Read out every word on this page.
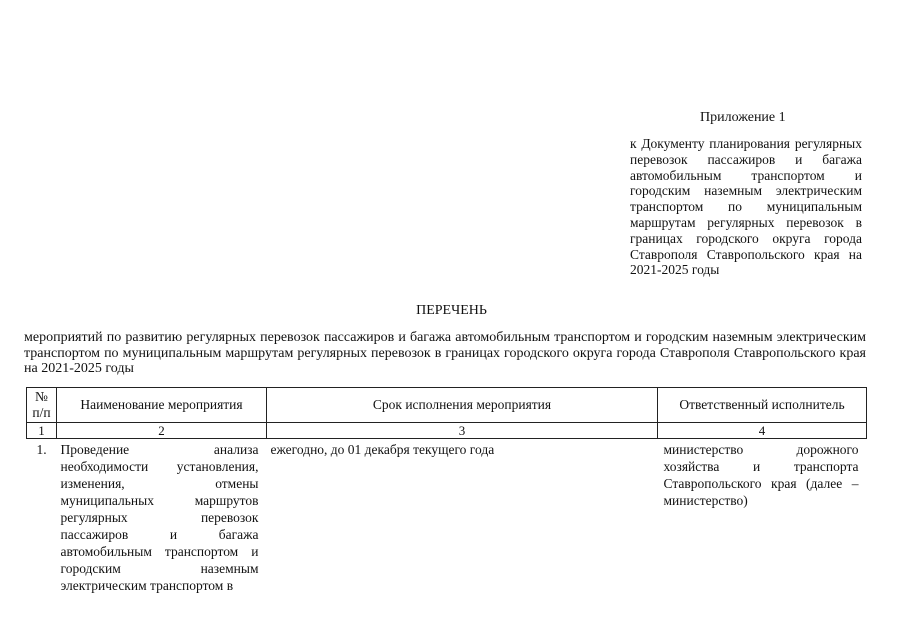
Приложение 1
к Документу планирования регулярных перевозок пассажиров и багажа автомобильным транспортом и городским наземным электрическим транспортом по муниципальным маршрутам регулярных перевозок в границах городского округа города Ставрополя Ставропольского края на 2021-2025 годы
ПЕРЕЧЕНЬ
мероприятий по развитию регулярных перевозок пассажиров и багажа автомобильным транспортом и городским наземным электрическим транспортом по муниципальным маршрутам регулярных перевозок в границах городского округа города Ставрополя Ставропольского края на 2021-2025 годы
№ п/п	Наименование мероприятия	Срок исполнения мероприятия	Ответственный исполнитель
1	2	3	4
1.	Проведение анализа необходимости установления, изменения, отмены муниципальных маршрутов регулярных перевозок пассажиров и багажа автомобильным транспортом и городским наземным электрическим транспортом в	ежегодно, до 01 декабря текущего года	министерство дорожного хозяйства и транспорта Ставропольского края (далее – министерство)
